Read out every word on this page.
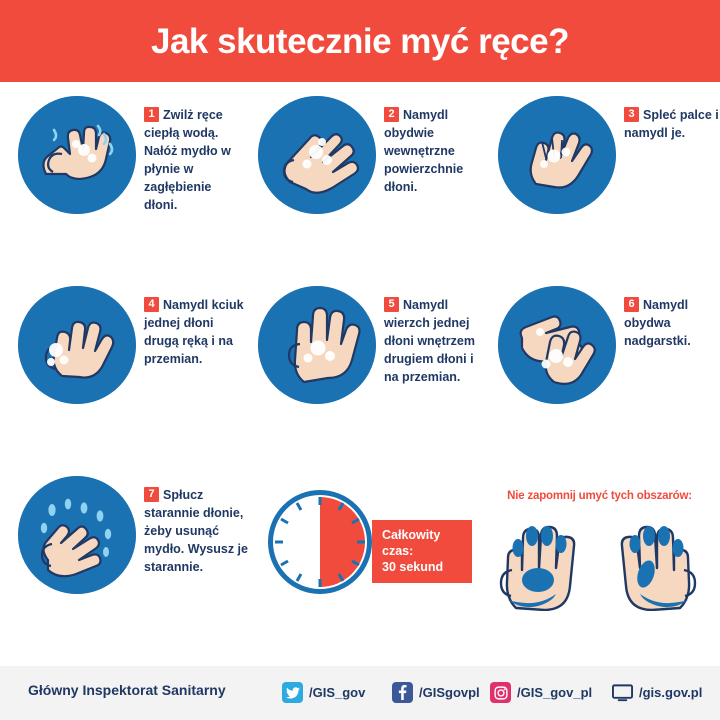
Jak skutecznie myć ręce?
1 Zwilż ręce ciepłą wodą. Nałóż mydło w płynie w zagłębienie dłoni.
2 Namydl obydwie wewnętrzne powierzchnie dłoni.
3 Spleć palce i namydl je.
4 Namydl kciuk jednej dłoni drugą ręką i na przemian.
5 Namydl wierzch jednej dłoni wnętrzem drugiem dłoni i na przemian.
6 Namydl obydwa nadgarstki.
7 Spłucz starannie dłonie, żeby usunąć mydło. Wysusz je starannie.
Całkowity czas:
30 sekund
Nie zapomnij umyć tych obszarów:
Główny Inspektorat Sanitarny	/GIS_gov	/GISgovpl	/GIS_gov_pl	/gis.gov.pl
